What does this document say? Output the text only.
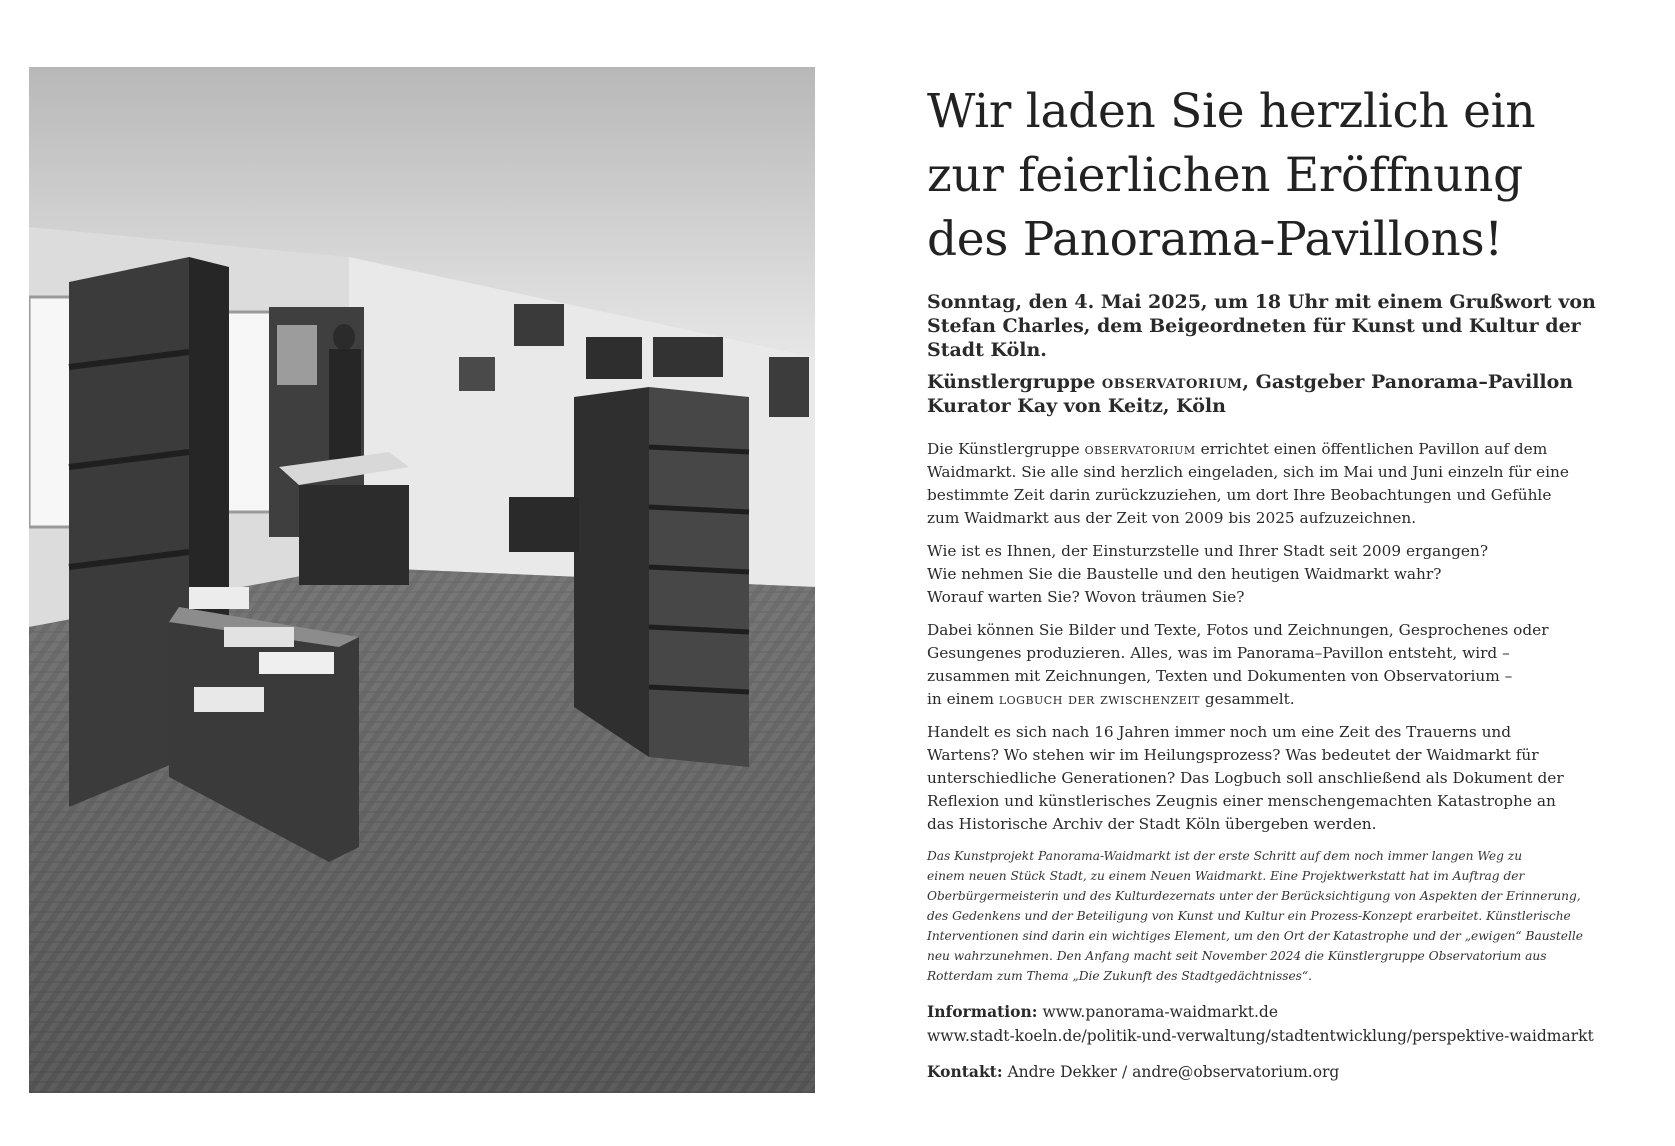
Wir laden Sie herzlich ein
zur feierlichen Eröffnung
des Panorama-Pavillons!

Sonntag, den 4. Mai 2025, um 18 Uhr mit einem Grußwort von Stefan Charles, dem Beigeordneten für Kunst und Kultur der Stadt Köln.

Künstlergruppe observatorium, Gastgeber Panorama–Pavillon

Kurator Kay von Keitz, Köln

Die Künstlergruppe observatorium errichtet einen öffentlichen Pavillon auf dem
Waidmarkt. Sie alle sind herzlich eingeladen, sich im Mai und Juni einzeln für eine
bestimmte Zeit darin zurückzuziehen, um dort Ihre Beobachtungen und Gefühle
zum Waidmarkt aus der Zeit von 2009 bis 2025 aufzuzeichnen.

Wie ist es Ihnen, der Einsturzstelle und Ihrer Stadt seit 2009 ergangen?
Wie nehmen Sie die Baustelle und den heutigen Waidmarkt wahr?
Worauf warten Sie? Wovon träumen Sie?

Dabei können Sie Bilder und Texte, Fotos und Zeichnungen, Gesprochenes oder
Gesungenes produzieren. Alles, was im Panorama–Pavillon entsteht, wird –
zusammen mit Zeichnungen, Texten und Dokumenten von Observatorium –
in einem logbuch der zwischenzeit gesammelt.

Handelt es sich nach 16 Jahren immer noch um eine Zeit des Trauerns und
Wartens? Wo stehen wir im Heilungsprozess? Was bedeutet der Waidmarkt für
unterschiedliche Generationen? Das Logbuch soll anschließend als Dokument der
Reflexion und künstlerisches Zeugnis einer menschengemachten Katastrophe an
das Historische Archiv der Stadt Köln übergeben werden.

Das Kunstprojekt Panorama-Waidmarkt ist der erste Schritt auf dem noch immer langen Weg zu
einem neuen Stück Stadt, zu einem Neuen Waidmarkt. Eine Projektwerkstatt hat im Auftrag der
Oberbürgermeisterin und des Kulturdezernats unter der Berücksichtigung von Aspekten der Erinnerung,
des Gedenkens und der Beteiligung von Kunst und Kultur ein Prozess-Konzept erarbeitet. Künstlerische
Interventionen sind darin ein wichtiges Element, um den Ort der Katastrophe und der „ewigen“ Baustelle
neu wahrzunehmen. Den Anfang macht seit November 2024 die Künstlergruppe Observatorium aus
Rotterdam zum Thema „Die Zukunft des Stadtgedächtnisses“.
Information: www.panorama-waidmarkt.de
www.stadt-koeln.de/politik-und-verwaltung/stadtentwicklung/perspektive-waidmarkt
Kontakt: Andre Dekker / andre@observatorium.org
